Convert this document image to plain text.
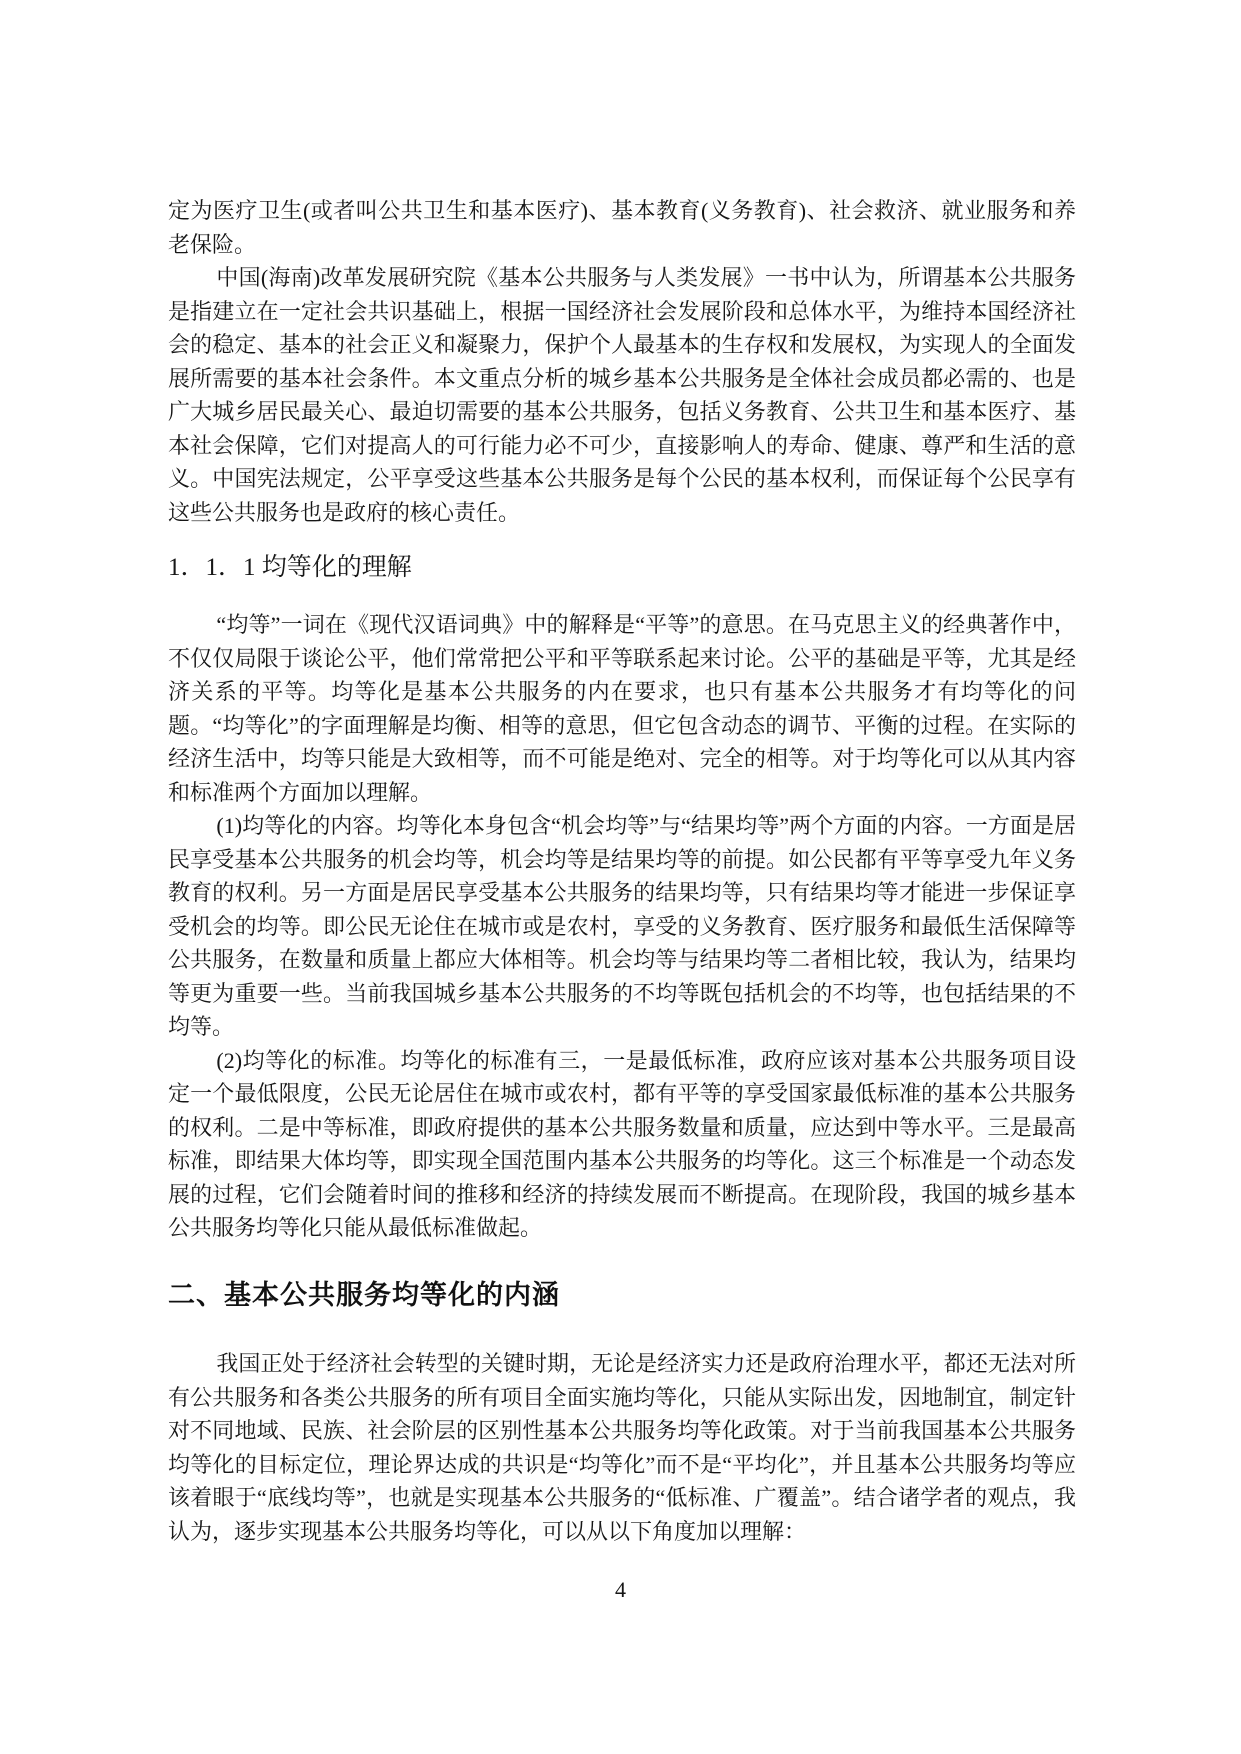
定为医疗卫生(或者叫公共卫生和基本医疗)、基本教育(义务教育)、社会救济、就业服务和养老保险。

中国(海南)改革发展研究院《基本公共服务与人类发展》一书中认为，所谓基本公共服务是指建立在一定社会共识基础上，根据一国经济社会发展阶段和总体水平，为维持本国经济社会的稳定、基本的社会正义和凝聚力，保护个人最基本的生存权和发展权，为实现人的全面发展所需要的基本社会条件。本文重点分析的城乡基本公共服务是全体社会成员都必需的、也是广大城乡居民最关心、最迫切需要的基本公共服务，包括义务教育、公共卫生和基本医疗、基本社会保障，它们对提高人的可行能力必不可少，直接影响人的寿命、健康、尊严和生活的意义。中国宪法规定，公平享受这些基本公共服务是每个公民的基本权利，而保证每个公民享有这些公共服务也是政府的核心责任。

1．1．1 均等化的理解

“均等”一词在《现代汉语词典》中的解释是“平等”的意思。在马克思主义的经典著作中，不仅仅局限于谈论公平，他们常常把公平和平等联系起来讨论。公平的基础是平等，尤其是经济关系的平等。均等化是基本公共服务的内在要求，也只有基本公共服务才有均等化的问题。“均等化”的字面理解是均衡、相等的意思，但它包含动态的调节、平衡的过程。在实际的经济生活中，均等只能是大致相等，而不可能是绝对、完全的相等。对于均等化可以从其内容和标准两个方面加以理解。

(1)均等化的内容。均等化本身包含“机会均等”与“结果均等”两个方面的内容。一方面是居民享受基本公共服务的机会均等，机会均等是结果均等的前提。如公民都有平等享受九年义务教育的权利。另一方面是居民享受基本公共服务的结果均等，只有结果均等才能进一步保证享受机会的均等。即公民无论住在城市或是农村，享受的义务教育、医疗服务和最低生活保障等公共服务，在数量和质量上都应大体相等。机会均等与结果均等二者相比较，我认为，结果均等更为重要一些。当前我国城乡基本公共服务的不均等既包括机会的不均等，也包括结果的不均等。

(2)均等化的标准。均等化的标准有三，一是最低标准，政府应该对基本公共服务项目设定一个最低限度，公民无论居住在城市或农村，都有平等的享受国家最低标准的基本公共服务的权利。二是中等标准，即政府提供的基本公共服务数量和质量，应达到中等水平。三是最高标准，即结果大体均等，即实现全国范围内基本公共服务的均等化。这三个标准是一个动态发展的过程，它们会随着时间的推移和经济的持续发展而不断提高。在现阶段，我国的城乡基本公共服务均等化只能从最低标准做起。

二、基本公共服务均等化的内涵

我国正处于经济社会转型的关键时期，无论是经济实力还是政府治理水平，都还无法对所有公共服务和各类公共服务的所有项目全面实施均等化，只能从实际出发，因地制宜，制定针对不同地域、民族、社会阶层的区别性基本公共服务均等化政策。对于当前我国基本公共服务均等化的目标定位，理论界达成的共识是“均等化”而不是“平均化”，并且基本公共服务均等应该着眼于“底线均等”，也就是实现基本公共服务的“低标准、广覆盖”。结合诸学者的观点，我认为，逐步实现基本公共服务均等化，可以从以下角度加以理解：

4
